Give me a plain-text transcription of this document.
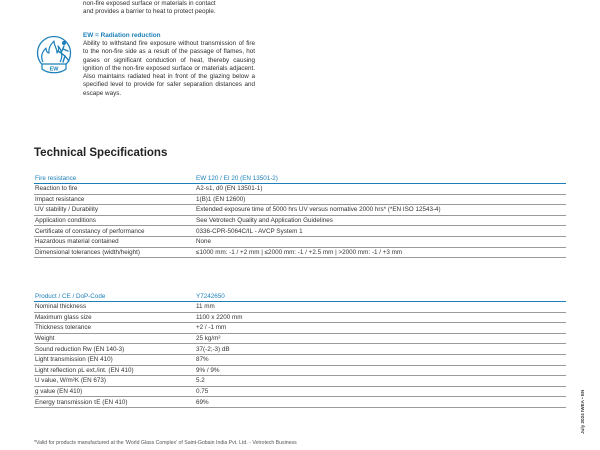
non-fire exposed surface or materials in contact

and provides a barrier to heat to protect people.

EW
EW = Radiation reduction

Ability to withstand fire exposure without transmission of fire to the non-fire side as a result of the passage of flames, hot gases or significant conduction of heat, thereby causing ignition of the non-fire exposed surface or materials adjacent. Also maintains radiated heat in front of the glazing below a specified level to provide for safer separation distances and escape ways.

Technical Specifications
Fire resistance	EW 120 / EI 20 (EN 13501-2)
Reaction to fire	A2-s1, d0 (EN 13501-1)
Impact resistance	1(B)1 (EN 12600)
UV stability / Durability	Extended exposure time of 5000 hrs UV versus normative 2000 hrs* (*EN ISO 12543-4)
Application conditions	See Vetrotech Quality and Application Guidelines
Certificate of constancy of performance	0336-CPR-5064C/IL - AVCP System 1
Hazardous material contained	None
Dimensional tolerances (width/height)	≤1000 mm: -1 / +2 mm | ≤2000 mm: -1 / +2.5 mm | >2000 mm: -1 / +3 mm
Product / CE / DoP-Code	Y7242650
Nominal thickness	11 mm
Maximum glass size	1100 x 2200 mm
Thickness tolerance	+2 / -1 mm
Weight	25 kg/m²
Sound reduction Rw (EN 140-3)	37(-2;-3) dB
Light transmission (EN 410)	87%
Light reflection ρL ext./int. (EN 410)	9% / 9%
U value, W/m²K (EN 673)	5.2
g value (EN 410)	0.75
Energy transmission τE (EN 410)	69%
*Valid for products manufactured at the 'World Glass Complex' of Saint-Gobain India Pvt. Ltd. - Vetrotech Business
July 2024 IWEA • EN
